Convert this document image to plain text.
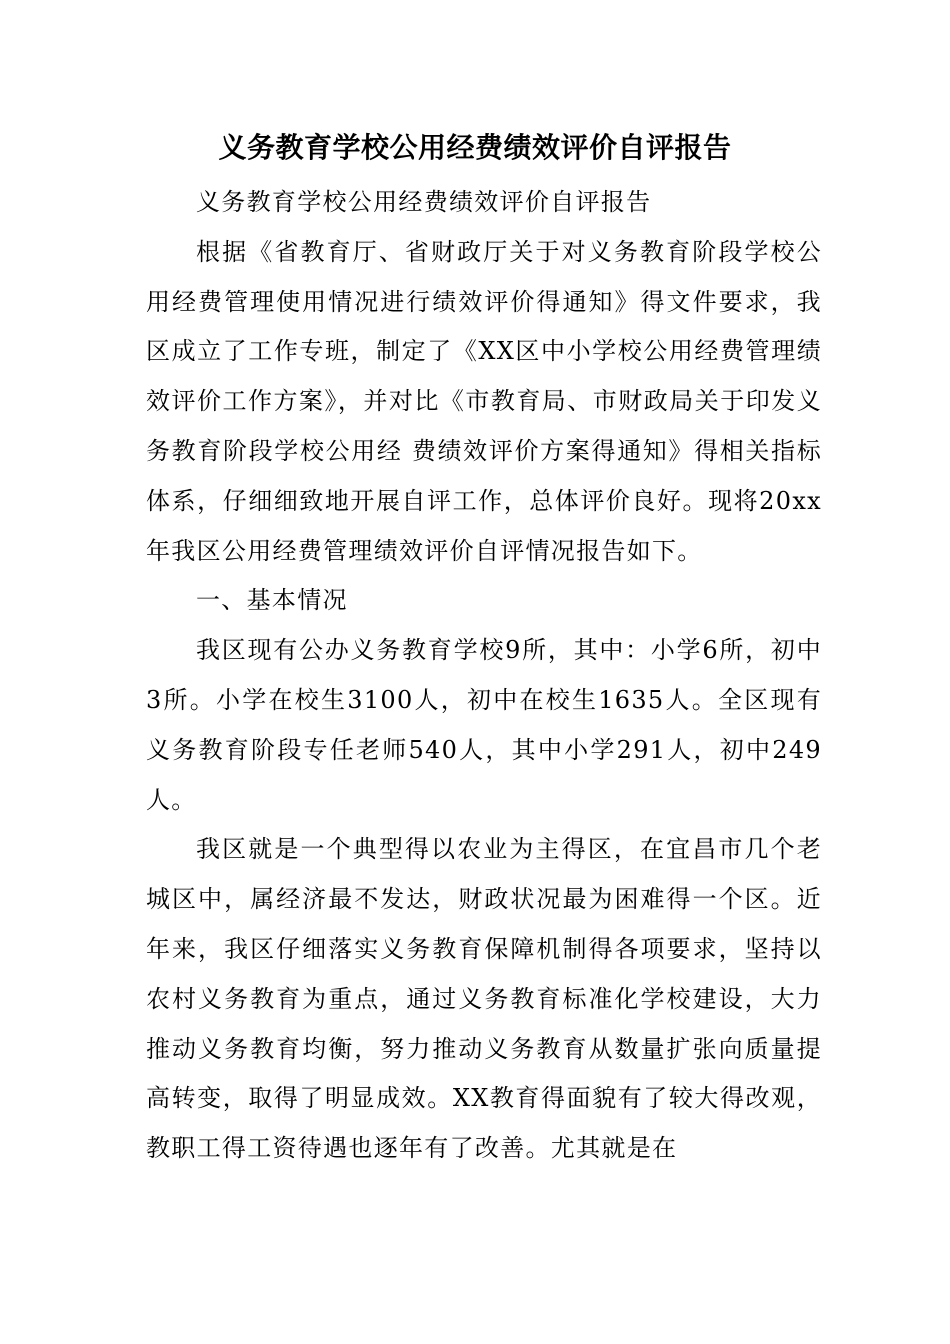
义务教育学校公用经费绩效评价自评报告

义务教育学校公用经费绩效评价自评报告

根据《省教育厅、省财政厅关于对义务教育阶段学校公用经费管理使用情况进行绩效评价得通知》得文件要求，我区成立了工作专班，制定了《XX区中小学校公用经费管理绩效评价工作方案》，并对比《市教育局、市财政局关于印发义务教育阶段学校公用经 费绩效评价方案得通知》得相关指标体系，仔细细致地开展自评工作，总体评价良好。现将20xx年我区公用经费管理绩效评价自评情况报告如下。

一、基本情况

我区现有公办义务教育学校9所，其中：小学6所，初中3所。小学在校生3100人，初中在校生1635人。全区现有义务教育阶段专任老师540人，其中小学291人，初中249人。

我区就是一个典型得以农业为主得区，在宜昌市几个老城区中，属经济最不发达，财政状况最为困难得一个区。近年来，我区仔细落实义务教育保障机制得各项要求，坚持以农村义务教育为重点，通过义务教育标准化学校建设，大力推动义务教育均衡，努力推动义务教育从数量扩张向质量提高转变，取得了明显成效。XX教育得面貌有了较大得改观，教职工得工资待遇也逐年有了改善。尤其就是在
